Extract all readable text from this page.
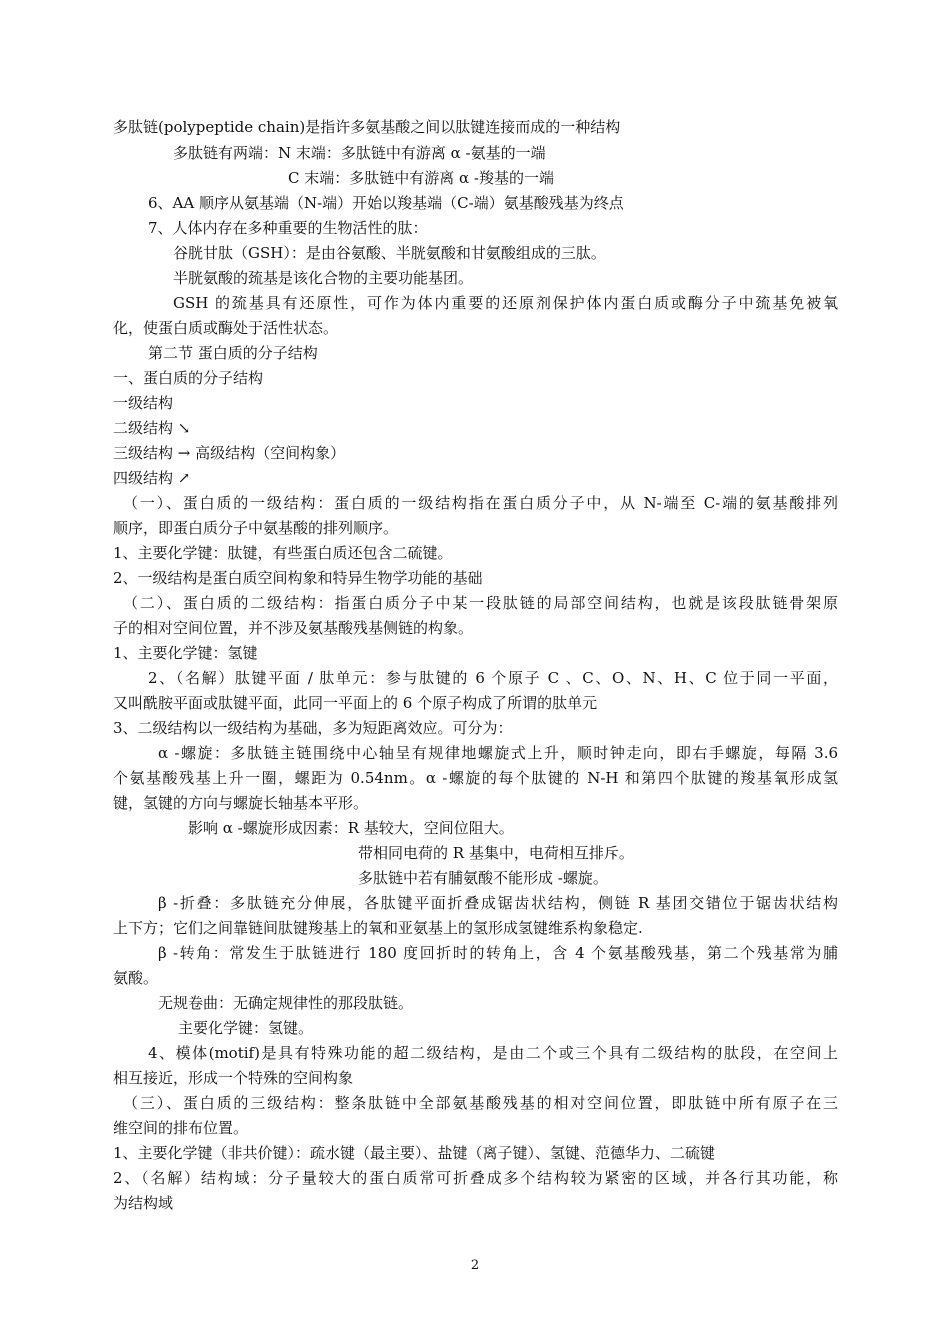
多肽链(polypeptide chain)是指许多氨基酸之间以肽键连接而成的一种结构
多肽链有两端：N 末端：多肽链中有游离 α -氨基的一端
C 末端：多肽链中有游离 α -羧基的一端
6、AA 顺序从氨基端（N-端）开始以羧基端（C-端）氨基酸残基为终点
7、人体内存在多种重要的生物活性的肽：
谷胱甘肽（GSH）：是由谷氨酸、半胱氨酸和甘氨酸组成的三肽。
半胱氨酸的巯基是该化合物的主要功能基团。
GSH 的巯基具有还原性，可作为体内重要的还原剂保护体内蛋白质或酶分子中巯基免被氧
化，使蛋白质或酶处于活性状态。
第二节 蛋白质的分子结构
一、蛋白质的分子结构
一级结构
二级结构 ↘
三级结构 → 高级结构（空间构象）
四级结构 ↗
（一）、蛋白质的一级结构：蛋白质的一级结构指在蛋白质分子中，从 N-端至 C-端的氨基酸排列
顺序，即蛋白质分子中氨基酸的排列顺序。
1、主要化学键：肽键，有些蛋白质还包含二硫键。
2、一级结构是蛋白质空间构象和特异生物学功能的基础
（二）、蛋白质的二级结构：指蛋白质分子中某一段肽链的局部空间结构，也就是该段肽链骨架原
子的相对空间位置，并不涉及氨基酸残基侧链的构象。
1、主要化学键：氢键
2、（名解）肽键平面 / 肽单元：参与肽键的 6 个原子 C 、C、O、N、H、C 位于同一平面，
又叫酰胺平面或肽键平面，此同一平面上的 6 个原子构成了所谓的肽单元
3、二级结构以一级结构为基础，多为短距离效应。可分为：
α -螺旋：多肽链主链围绕中心轴呈有规律地螺旋式上升，顺时钟走向，即右手螺旋，每隔 3.6
个氨基酸残基上升一圈，螺距为 0.54nm。α -螺旋的每个肽键的 N-H 和第四个肽键的羧基氧形成氢
键，氢键的方向与螺旋长轴基本平形。
影响 α -螺旋形成因素：R 基较大，空间位阻大。
带相同电荷的 R 基集中，电荷相互排斥。
多肽链中若有脯氨酸不能形成 -螺旋。
β -折叠：多肽链充分伸展，各肽键平面折叠成锯齿状结构，侧链 R 基团交错位于锯齿状结构
上下方；它们之间靠链间肽键羧基上的氧和亚氨基上的氢形成氢键维系构象稳定.
β -转角：常发生于肽链进行 180 度回折时的转角上，含 4 个氨基酸残基，第二个残基常为脯
氨酸。
无规卷曲：无确定规律性的那段肽链。
主要化学键：氢键。
4、模体(motif)是具有特殊功能的超二级结构，是由二个或三个具有二级结构的肽段，在空间上
相互接近，形成一个特殊的空间构象
（三）、蛋白质的三级结构：整条肽链中全部氨基酸残基的相对空间位置，即肽链中所有原子在三
维空间的排布位置。
1、主要化学键（非共价键）：疏水键（最主要）、盐键（离子键）、氢键、范德华力、二硫键
2、（名解）结构域：分子量较大的蛋白质常可折叠成多个结构较为紧密的区域，并各行其功能，称
为结构域
2
